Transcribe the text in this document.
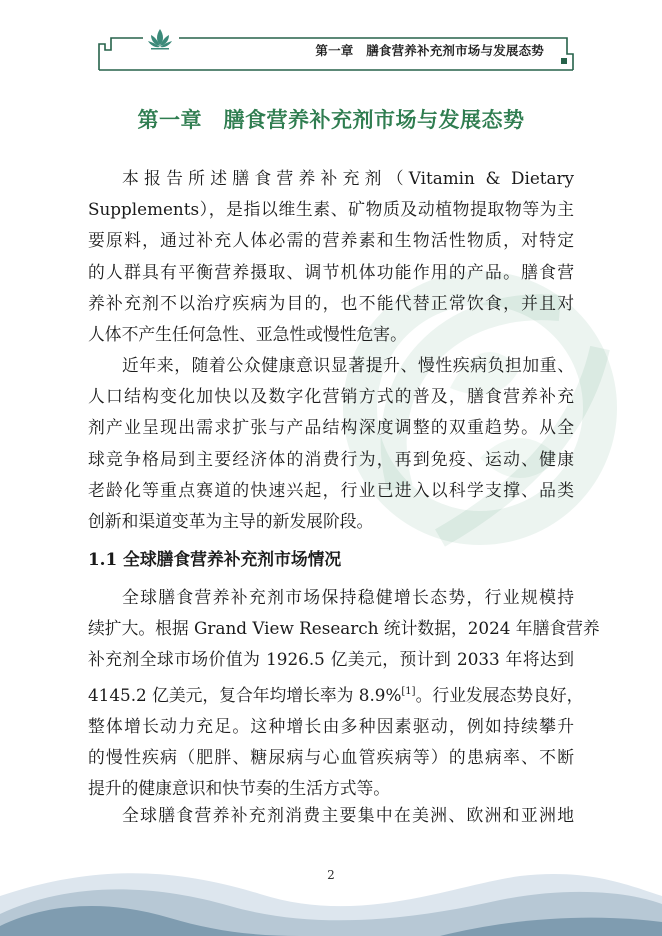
第一章　膳食营养补充剂市场与发展态势
第一章　膳食营养补充剂市场与发展态势
本报告所述膳食营养补充剂（Vitamin & Dietary
Supplements），是指以维生素、矿物质及动植物提取物等为主
要原料，通过补充人体必需的营养素和生物活性物质，对特定
的人群具有平衡营养摄取、调节机体功能作用的产品。膳食营
养补充剂不以治疗疾病为目的，也不能代替正常饮食，并且对
人体不产生任何急性、亚急性或慢性危害。
近年来，随着公众健康意识显著提升、慢性疾病负担加重、
人口结构变化加快以及数字化营销方式的普及，膳食营养补充
剂产业呈现出需求扩张与产品结构深度调整的双重趋势。从全
球竞争格局到主要经济体的消费行为，再到免疫、运动、健康
老龄化等重点赛道的快速兴起，行业已进入以科学支撑、品类
创新和渠道变革为主导的新发展阶段。
1.1 全球膳食营养补充剂市场情况
全球膳食营养补充剂市场保持稳健增长态势，行业规模持
续扩大。根据 Grand View Research 统计数据，2024 年膳食营养
补充剂全球市场价值为 1926.5 亿美元，预计到 2033 年将达到
4145.2 亿美元，复合年均增长率为 8.9%[1]。行业发展态势良好，
整体增长动力充足。这种增长由多种因素驱动，例如持续攀升
的慢性疾病（肥胖、糖尿病与心血管疾病等）的患病率、不断
提升的健康意识和快节奏的生活方式等。
全球膳食营养补充剂消费主要集中在美洲、欧洲和亚洲地
2
